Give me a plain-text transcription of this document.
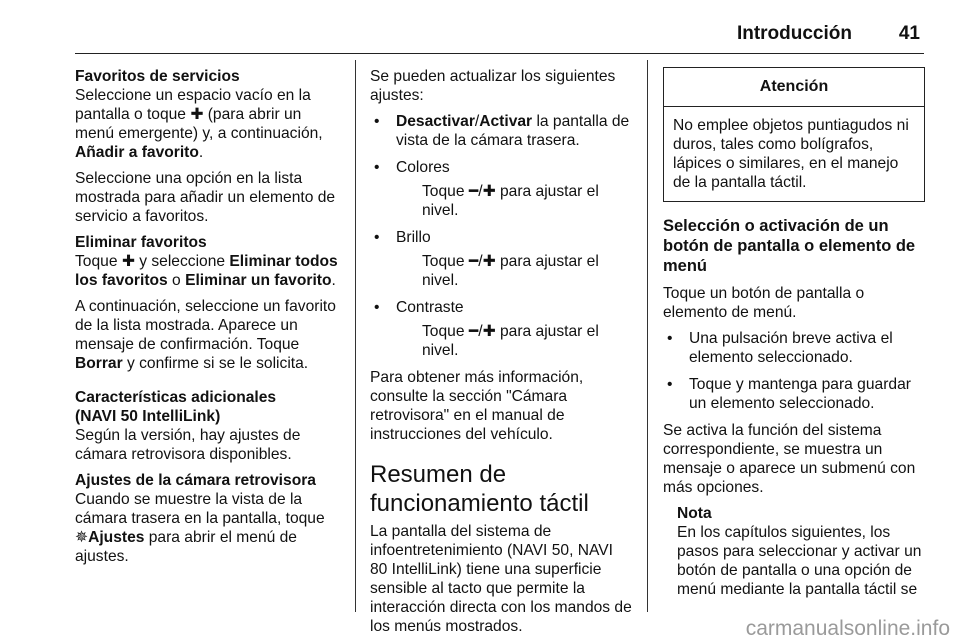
Introducción 41
Favoritos de servicios

Seleccione un espacio vacío en la pantalla o toque ✚ (para abrir un menú emergente) y, a continuación, Añadir a favorito.

Seleccione una opción en la lista mostrada para añadir un elemento de servicio a favoritos.

Eliminar favoritos

Toque ✚ y seleccione Eliminar todos los favoritos o Eliminar un favorito.

A continuación, seleccione un favorito de la lista mostrada. Aparece un mensaje de confirmación. Toque Borrar y confirme si se le solicita.

Características adicionales
(NAVI 50 IntelliLink)

Según la versión, hay ajustes de cámara retrovisora disponibles.

Ajustes de la cámara retrovisora

Cuando se muestre la vista de la cámara trasera en la pantalla, toque ✵Ajustes para abrir el menú de ajustes.

Se pueden actualizar los siguientes ajustes:

• Desactivar/Activar la pantalla de vista de la cámara trasera.
• Colores
Toque ━/✚ para ajustar el nivel.
• Brillo
Toque ━/✚ para ajustar el nivel.
• Contraste
Toque ━/✚ para ajustar el nivel.

Para obtener más información, consulte la sección "Cámara retrovisora" en el manual de instrucciones del vehículo.

Resumen de funcionamiento táctil

La pantalla del sistema de infoentretenimiento (NAVI 50, NAVI 80 IntelliLink) tiene una superficie sensible al tacto que permite la interacción directa con los mandos de los menús mostrados.

Atención
No emplee objetos puntiagudos ni duros, tales como bolígrafos, lápices o similares, en el manejo de la pantalla táctil.
Selección o activación de un botón de pantalla o elemento de menú

Toque un botón de pantalla o elemento de menú.

• Una pulsación breve activa el elemento seleccionado.
• Toque y mantenga para guardar un elemento seleccionado.

Se activa la función del sistema correspondiente, se muestra un mensaje o aparece un submenú con más opciones.

Nota
En los capítulos siguientes, los pasos para seleccionar y activar un botón de pantalla o una opción de menú mediante la pantalla táctil se
carmanualsonline.info
